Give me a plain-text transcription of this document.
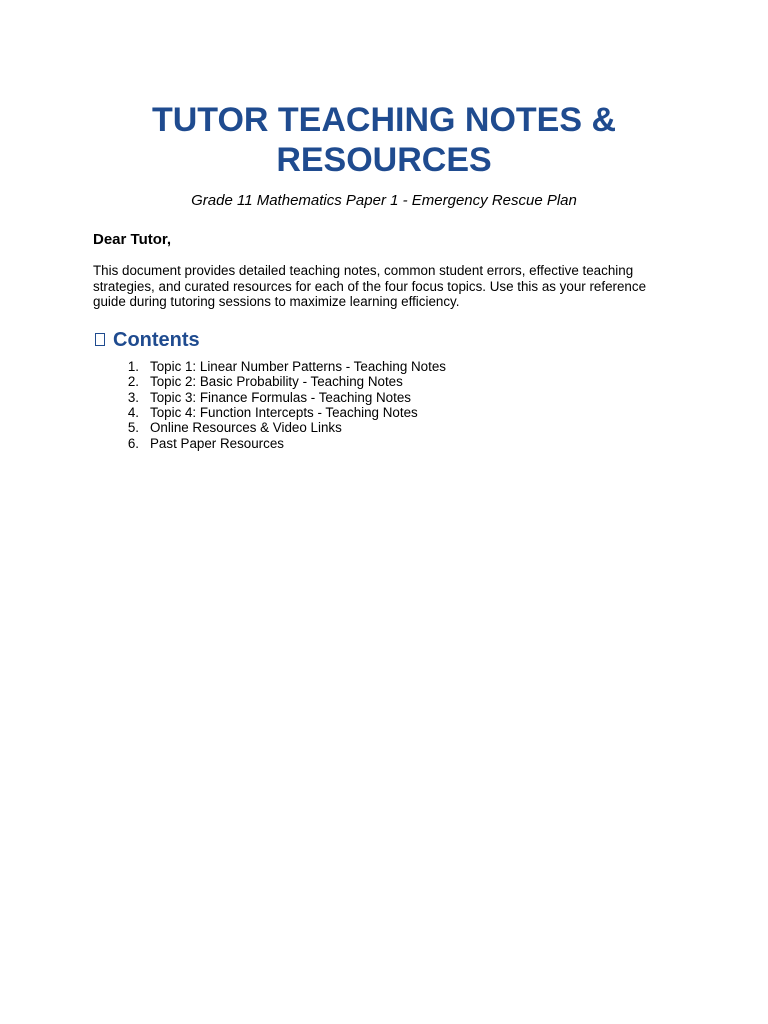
TUTOR TEACHING NOTES & RESOURCES

Grade 11 Mathematics Paper 1 - Emergency Rescue Plan

Dear Tutor,

This document provides detailed teaching notes, common student errors, effective teaching strategies, and curated resources for each of the four focus topics. Use this as your reference guide during tutoring sessions to maximize learning efficiency.

Contents
1. Topic 1: Linear Number Patterns - Teaching Notes
2. Topic 2: Basic Probability - Teaching Notes
3. Topic 3: Finance Formulas - Teaching Notes
4. Topic 4: Function Intercepts - Teaching Notes
5. Online Resources & Video Links
6. Past Paper Resources
